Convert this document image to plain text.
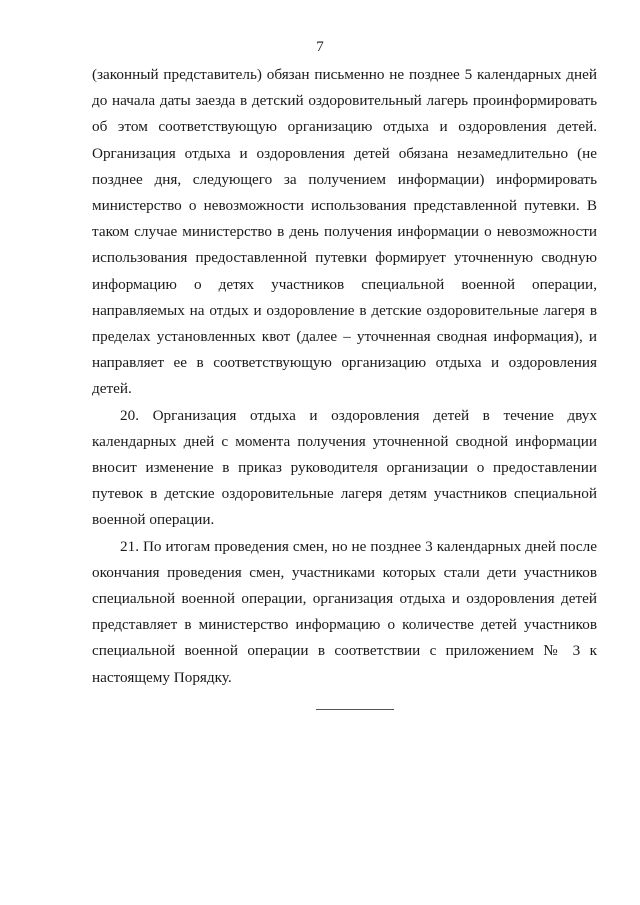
7

(законный представитель) обязан письменно не позднее 5 календарных дней до начала даты заезда в детский оздоровительный лагерь проинформировать об этом соответствующую организацию отдыха и оздоровления детей. Организация отдыха и оздоровления детей обязана незамедлительно (не позднее дня, следующего за получением информации) информировать министерство о невозможности использования представленной путевки. В таком случае министерство в день получения информации о невозможности использования предоставленной путевки формирует уточненную сводную информацию о детях участников специальной военной операции, направляемых на отдых и оздоровление в детские оздоровительные лагеря в пределах установленных квот (далее – уточненная сводная информация), и направляет ее в соответствующую организацию отдыха и оздоровления детей.

20. Организация отдыха и оздоровления детей в течение двух календарных дней с момента получения уточненной сводной информации вносит изменение в приказ руководителя организации о предоставлении путевок в детские оздоровительные лагеря детям участников специальной военной операции.

21. По итогам проведения смен, но не позднее 3 календарных дней после окончания проведения смен, участниками которых стали дети участников специальной военной операции, организация отдыха и оздоровления детей представляет в министерство информацию о количестве детей участников специальной военной операции в соответствии с приложением № 3 к настоящему Порядку.
